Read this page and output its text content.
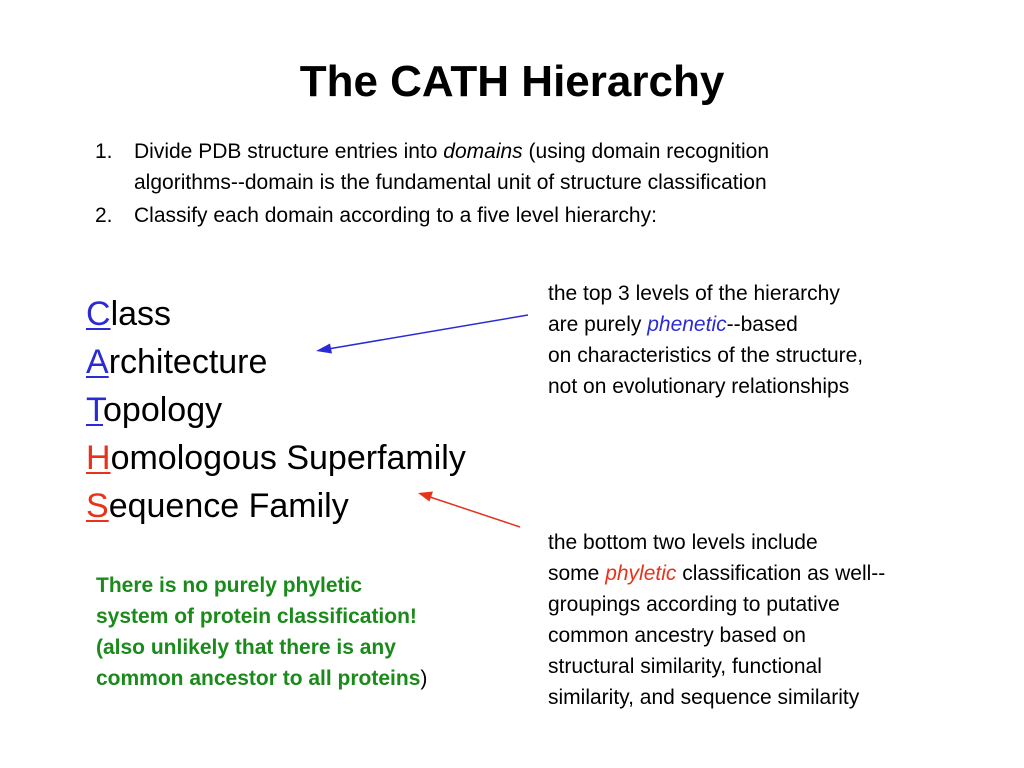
The CATH Hierarchy
1. Divide PDB structure entries into domains (using domain recognition
algorithms--domain is the fundamental unit of structure classification
2. Classify each domain according to a five level hierarchy:
Class
Architecture
Topology
Homologous Superfamily
Sequence Family
the top 3 levels of the hierarchy
are purely phenetic--based
on characteristics of the structure,
not on evolutionary relationships
the bottom two levels include
some phyletic classification as well--
groupings according to putative
common ancestry based on
structural similarity, functional
similarity, and sequence similarity
There is no purely phyletic
system of protein classification!
(also unlikely that there is any
common ancestor to all proteins)
